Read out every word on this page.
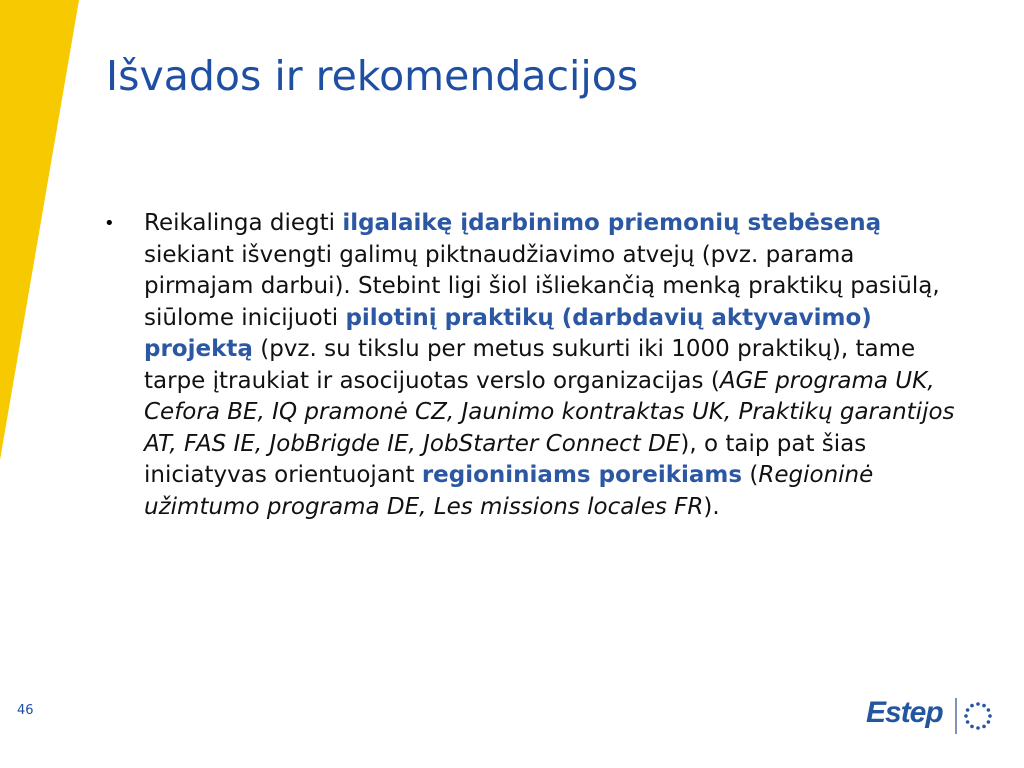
Išvados ir rekomendacijos
•	Reikalinga diegti ilgalaikę įdarbinimo priemonių stebėseną siekiant išvengti galimų piktnaudžiavimo atvejų (pvz. parama pirmajam darbui). Stebint ligi šiol išliekančią menką praktikų pasiūlą, siūlome inicijuoti pilotinį praktikų (darbdavių aktyvavimo) projektą (pvz. su tikslu per metus sukurti iki 1000 praktikų), tame tarpe įtraukiat ir asocijuotas verslo organizacijas (AGE programa UK, Cefora BE, IQ pramonė CZ, Jaunimo kontraktas UK, Praktikų garantijos AT, FAS IE, JobBrigde IE, JobStarter Connect DE), o taip pat šias iniciatyvas orientuojant regioniniams poreikiams (Regioninė užimtumo programa DE, Les missions locales FR).

46	Estep
